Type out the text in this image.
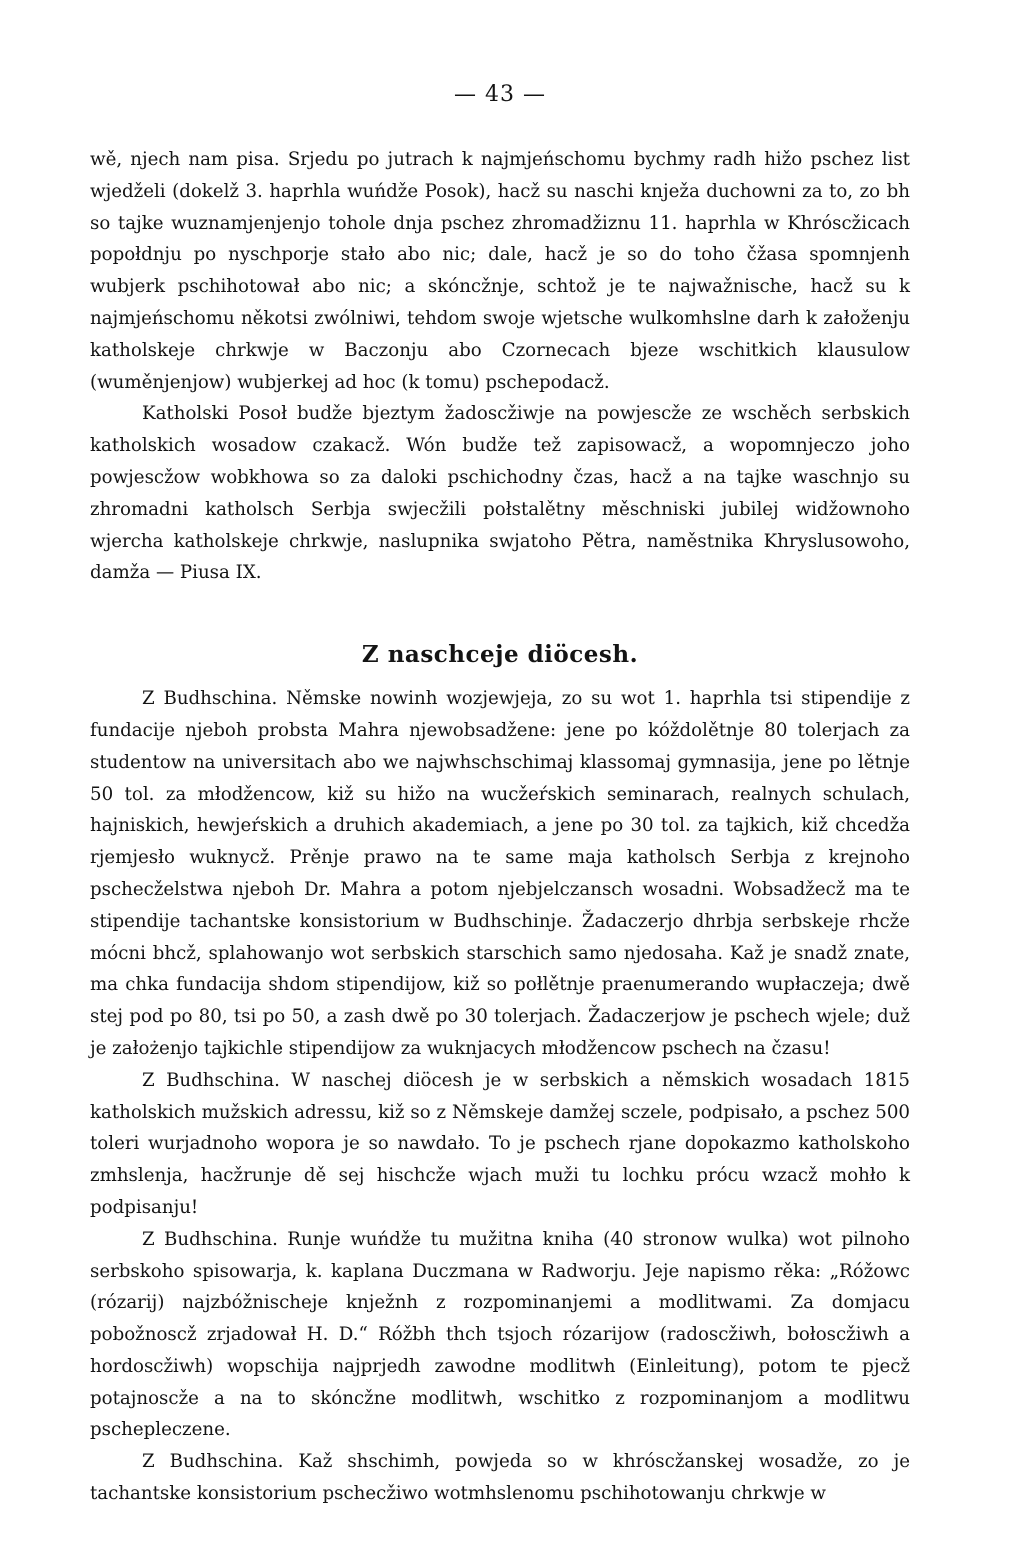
— 43 —

wě, njech nam pisa. Srjedu po jutrach k najmjeńschomu bychmy radh hižo pschez list wjedželi (dokelž 3. haprhla wuńdže Posok), hacž su naschi knježa duchowni za to, zo bh so tajke wuznamjenjenjo tohole dnja pschez zhromadžiznu 11. haprhla w Khróscžicach popołdnju po nyschporje stało abo nic; dale, hacž je so do toho čžasa spomnjenh wubjerk pschihotował abo nic; a skóncžnje, schtož je te najwažnische, hacž su k najmjeńschomu někotsi zwólniwi, tehdom swoje wjetsche wulkomhslne darh k załoženju katholskeje chrkwje w Baczonju abo Czornecach bjeze wschitkich klausulow (wuměnjenjow) wubjerkej ad hoc (k tomu) pschepodacž.

Katholski Posoł budže bjeztym žadoscžiwje na powjescže ze wschěch serbskich katholskich wosadow czakacž. Wón budže tež zapisowacž, a wopomnjeczo joho powjescžow wobkhowa so za daloki pschichodny čzas, hacž a na tajke waschnjo su zhromadni katholsch Serbja swjecžili połstalětny měschniski jubilej widžownoho wjercha katholskeje chrkwje, naslupnika swjatoho Pětra, naměstnika Khryslusowoho, damža — Piusa IX.

Z naschceje diöcesh.

Z Budhschina. Němske nowinh wozjewjeja, zo su wot 1. haprhla tsi stipendije z fundacije njeboh probsta Mahra njewobsadžene: jene po kóždolětnje 80 tolerjach za studentow na universitach abo we najwhschschimaj klassomaj gymnasija, jene po lětnje 50 tol. za młodžencow, kiž su hižo na wucžeŕskich seminarach, realnych schulach, hajniskich, hewjeŕskich a druhich akademiach, a jene po 30 tol. za tajkich, kiž chcedža rjemjesło wuknycž. Prěnje prawo na te same maja katholsch Serbja z krejnoho pschecželstwa njeboh Dr. Mahra a potom njebjelczansch wosadni. Wobsadžecž ma te stipendije tachantske konsistorium w Budhschinje. Žadaczerjo dhrbja serbskeje rhcže mócni bhcž, splahowanjo wot serbskich starschich samo njedosaha. Kaž je snadž znate, ma chka fundacija shdom stipendijow, kiž so połlětnje praenumerando wupłaczeja; dwě stej pod po 80, tsi po 50, a zash dwě po 30 tolerjach. Žadaczerjow je pschech wjele; duž je założenjo tajkichle stipendijow za wuknjacych młodžencow pschech na čzasu!

Z Budhschina. W naschej diöcesh je w serbskich a němskich wosadach 1815 katholskich mužskich adressu, kiž so z Němskeje damžej sczele, podpisało, a pschez 500 toleri wurjadnoho wopora je so nawdało. To je pschech rjane dopokazmo katholskoho zmhslenja, hacžrunje dě sej hischcže wjach muži tu lochku prócu wzacž mohło k podpisanju!

Z Budhschina. Runje wuńdže tu mužitna kniha (40 stronow wulka) wot pilnoho serbskoho spisowarja, k. kaplana Duczmana w Radworju. Jeje napismo rěka: „Róžowc (rózarij) najzbóžnischeje knježnh z rozpominanjemi a modlitwami. Za domjacu pobožnoscž zrjadował H. D.“ Róžbh thch tsjoch rózarijow (radoscžiwh, bołoscžiwh a hordoscžiwh) wopschija najprjedh zawodne modlitwh (Einleitung), potom te pjecž potajnoscže a na to skóncžne modlitwh, wschitko z rozpominanjom a modlitwu pschepleczene.

Z Budhschina. Kaž shschimh, powjeda so w khróscžanskej wosadže, zo je tachantske konsistorium pschecžiwo wotmhslenomu pschihotowanju chrkwje w
